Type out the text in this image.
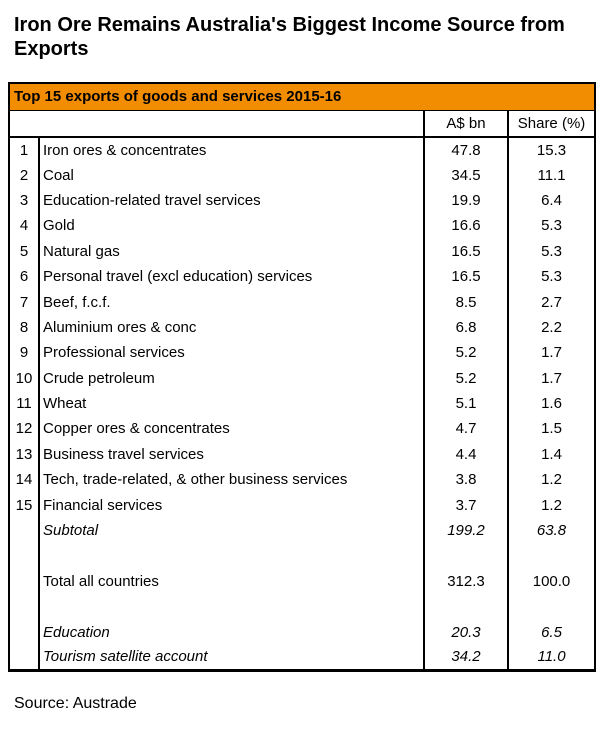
Iron Ore Remains Australia's Biggest Income Source from Exports
Top 15 exports of goods and services 2015-16			
		A$ bn	Share (%)
1	Iron ores & concentrates	47.8	15.3
2	Coal	34.5	11.1
3	Education-related travel services	19.9	6.4
4	Gold	16.6	5.3
5	Natural gas	16.5	5.3
6	Personal travel (excl education) services	16.5	5.3
7	Beef, f.c.f.	8.5	2.7
8	Aluminium ores & conc	6.8	2.2
9	Professional services	5.2	1.7
10	Crude petroleum	5.2	1.7
11	Wheat	5.1	1.6
12	Copper ores & concentrates	4.7	1.5
13	Business travel services	4.4	1.4
14	Tech, trade-related, & other business services	3.8	1.2
15	Financial services	3.7	1.2
	Subtotal	199.2	63.8

	Total all countries	312.3	100.0

	Education	20.3	6.5
	Tourism satellite account	34.2	11.0
Source: Austrade
